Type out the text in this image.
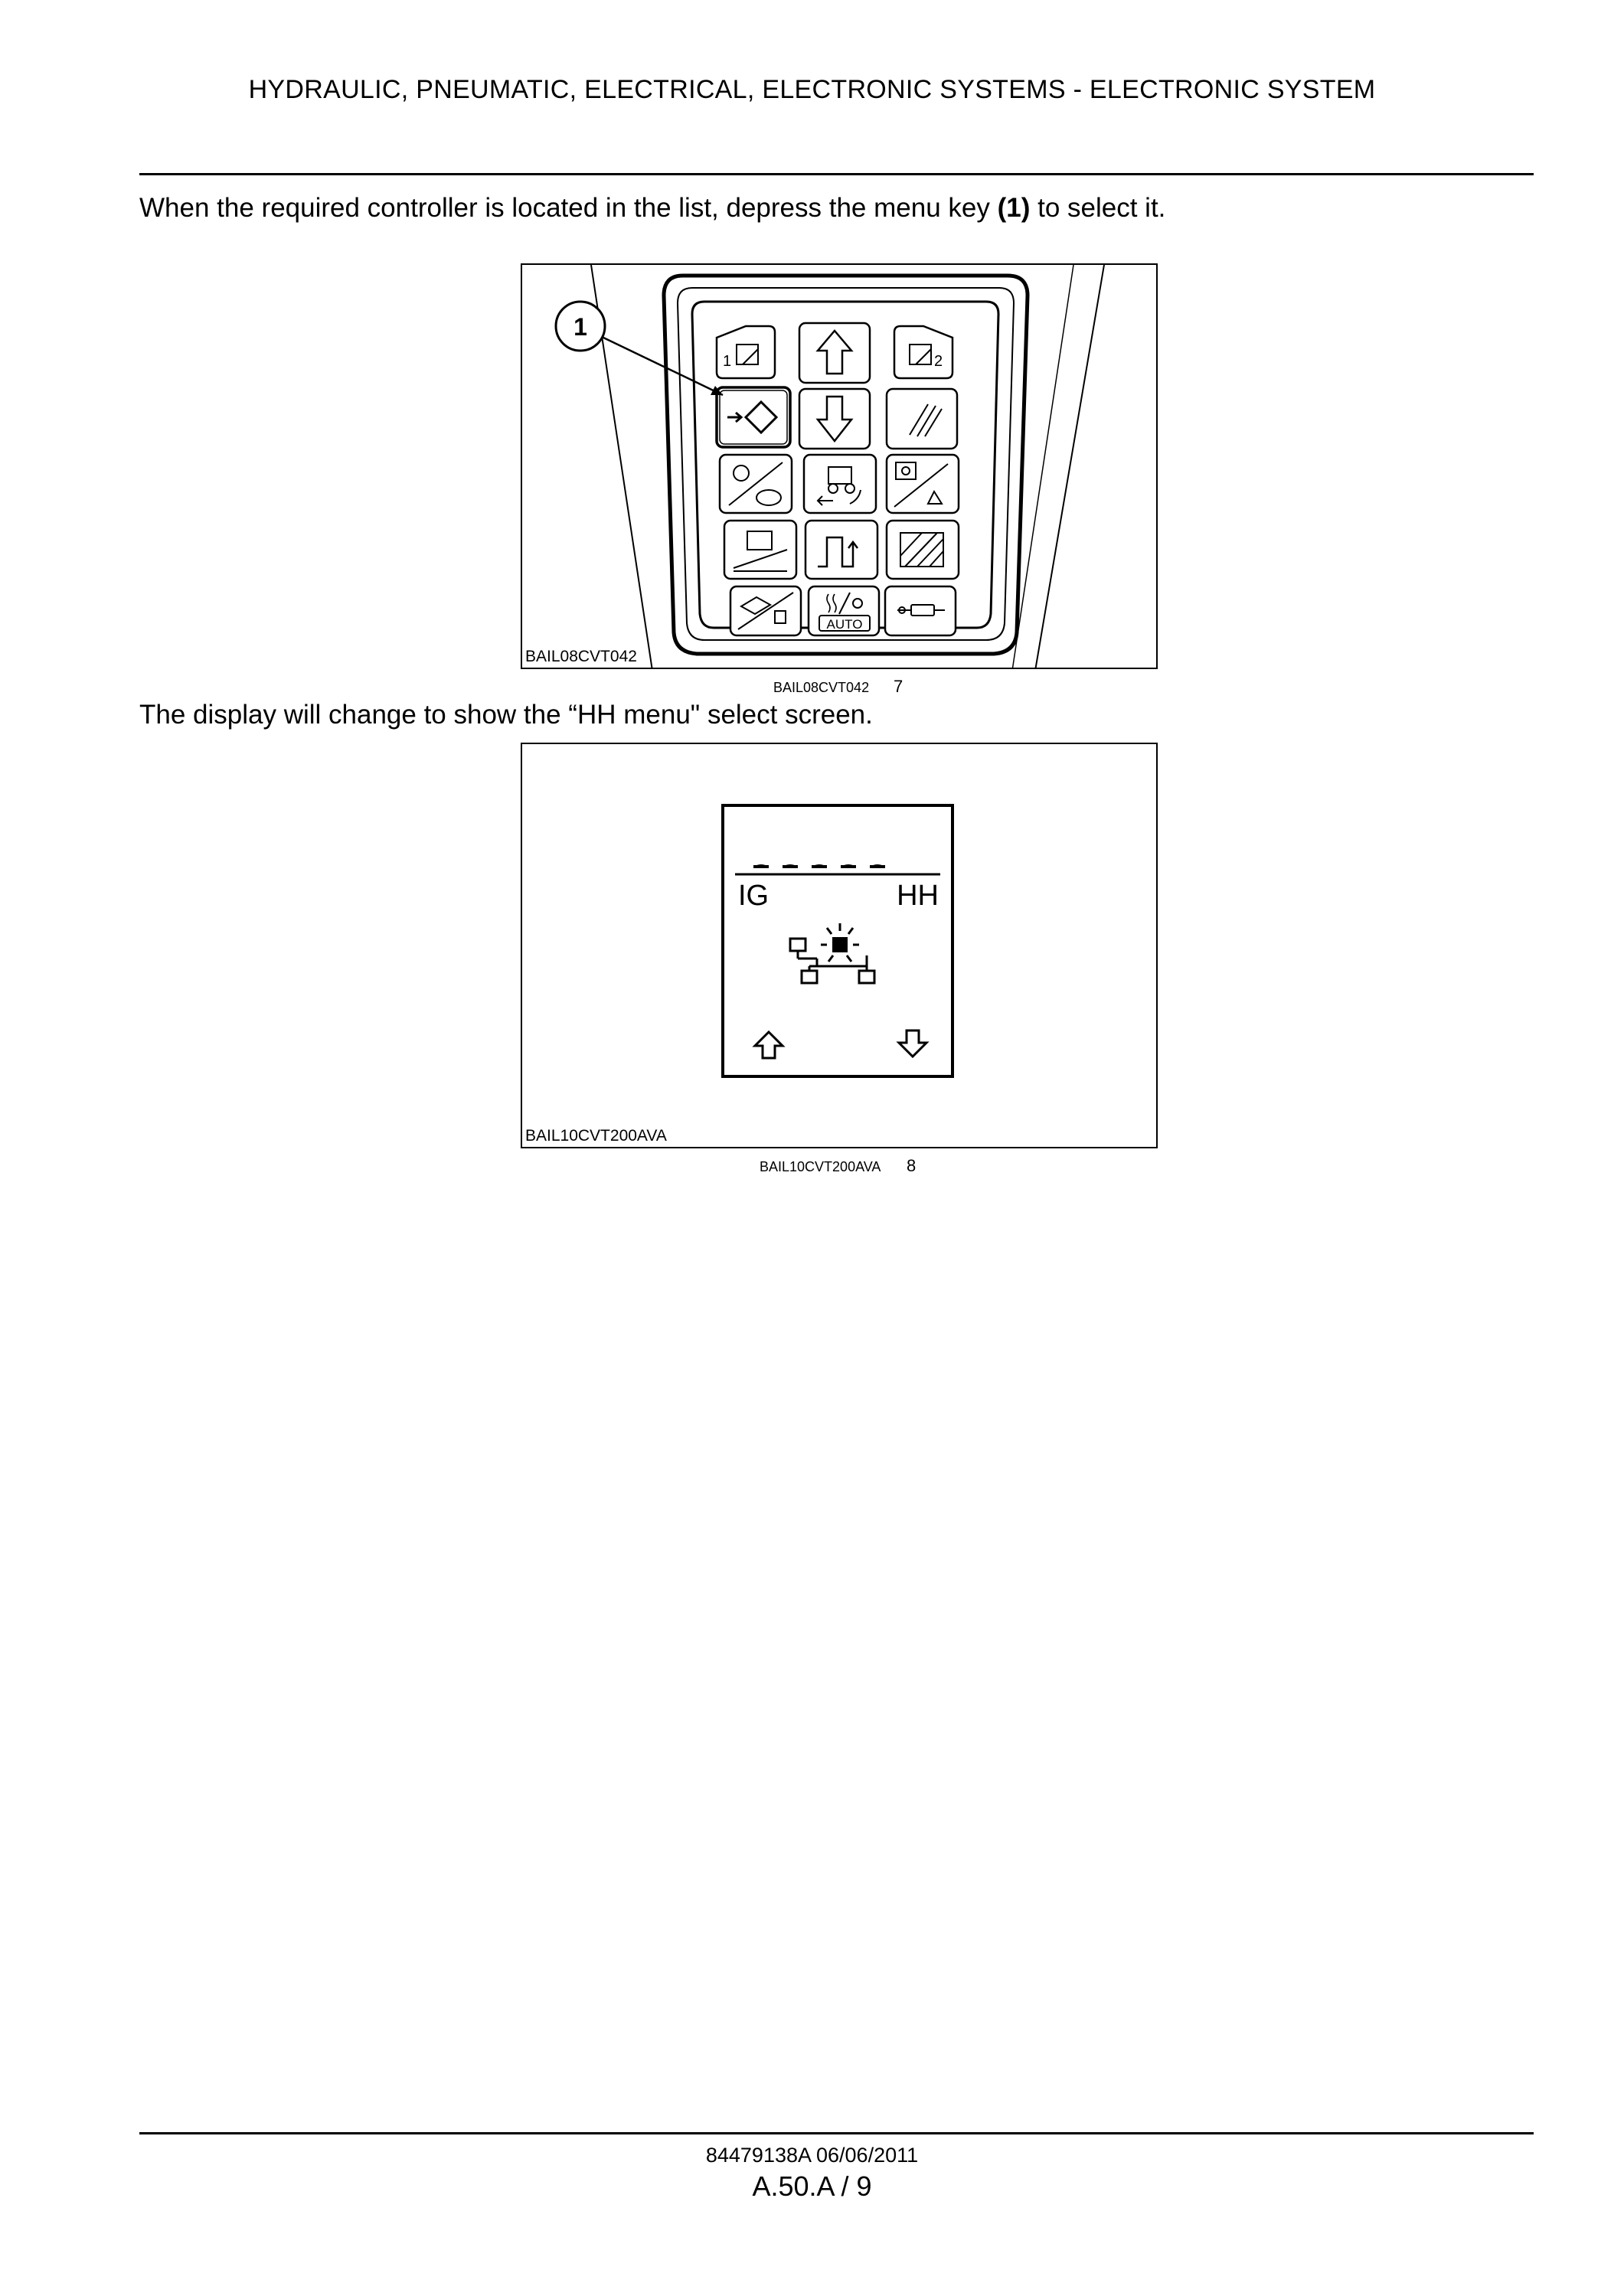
HYDRAULIC, PNEUMATIC, ELECTRICAL, ELECTRONIC SYSTEMS - ELECTRONIC SYSTEM
When the required controller is located in the list, depress the menu key (1) to select it.
1	2
AUTO
1
BAIL08CVT042
BAIL08CVT042 7
The display will change to show the “HH menu" select screen.
IG	HH
BAIL10CVT200AVA
BAIL10CVT200AVA 8
84479138A 06/06/2011
A.50.A / 9
